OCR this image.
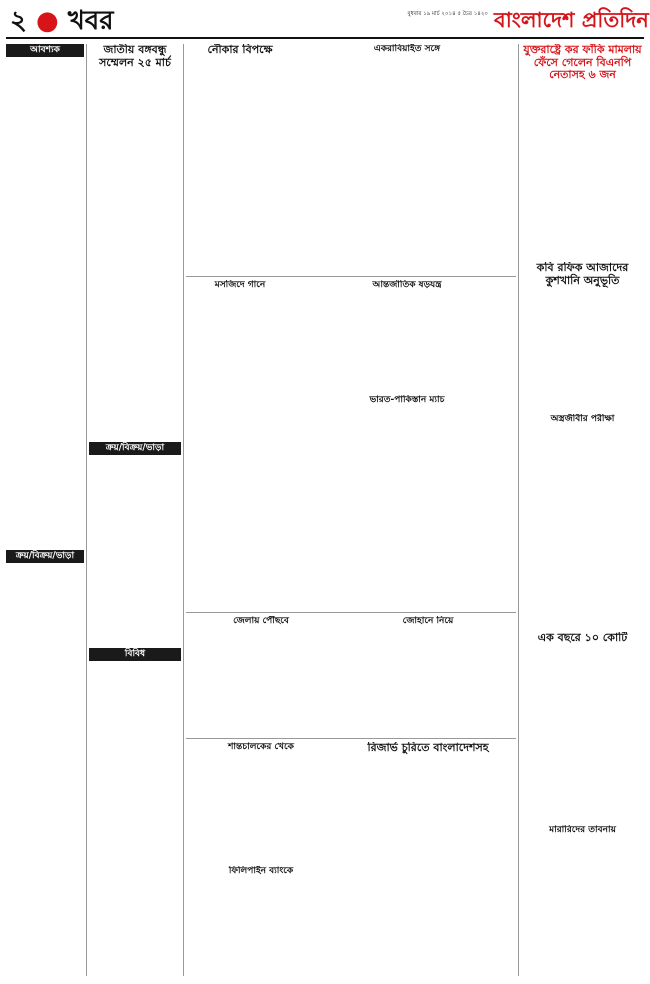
২ ● খবর	বুধবার ১৯ মার্চ ২০১৪ ৫ চৈত্র ১৪২০ বাংলাদেশ প্রতিদিন
আবশ্যক
ক্রয়/বিক্রয়/ভাড়া
জাতীয় বঙ্গবন্ধু সম্মেলন ২৫ মার্চ
ক্রয়/বিক্রয়/ভাড়া
বিবিধ
নৌকার বিপক্ষে	একরাবিয়াইত সঙ্গে
আন্তর্জাতিক ষড়যন্ত্র
মসজিদে গানে
ভারত-পাকিস্তান ম্যাচ
জেলায় পৌঁছবে	জোহানে নিয়ে
শান্তচালকের খেকে
ফিলিপাইন ব্যাংকে
রিজার্ভ চুরিতে বাংলাদেশসহ
যুক্তরাষ্ট্রে কর ফাঁকি মামলায় ফেঁসে গেলেন বিএনপি নেতাসহ ৬ জন
কবি রফিক আজাদের কুশখানি অনুভূতি
অস্ত্রজীবীর পরীক্ষা
এক বছরে ১০ কোটি
মারারিদের তাবনায়
